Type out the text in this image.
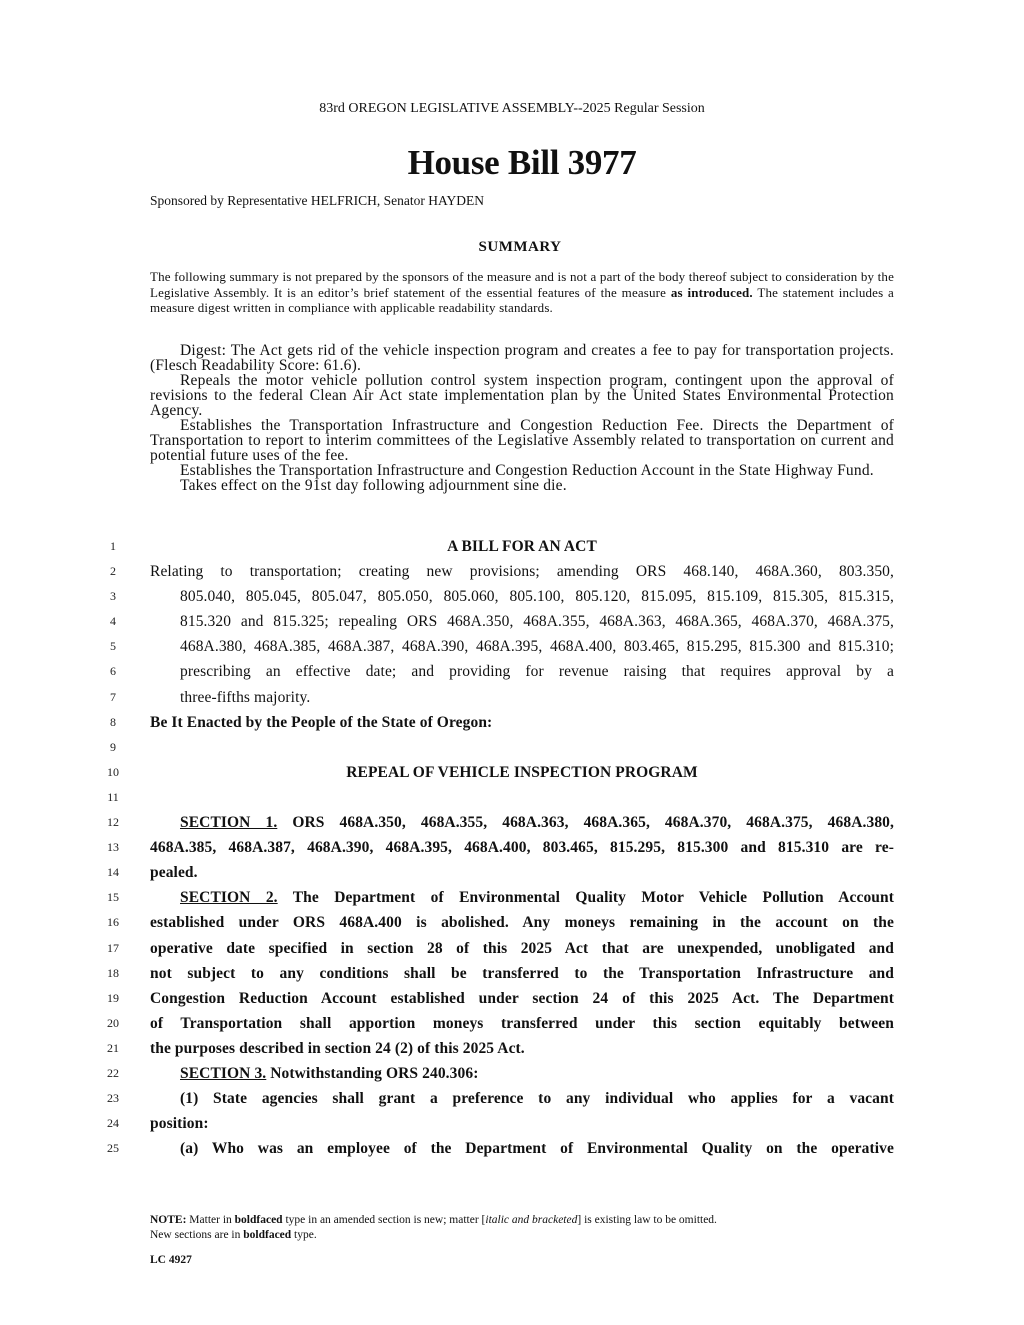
83rd OREGON LEGISLATIVE ASSEMBLY--2025 Regular Session
House Bill 3977
Sponsored by Representative HELFRICH, Senator HAYDEN
SUMMARY
The following summary is not prepared by the sponsors of the measure and is not a part of the body thereof subject to consideration by the Legislative Assembly. It is an editor’s brief statement of the essential features of the measure as introduced. The statement includes a measure digest written in compliance with applicable readability standards.

Digest: The Act gets rid of the vehicle inspection program and creates a fee to pay for transportation projects. (Flesch Readability Score: 61.6).

Repeals the motor vehicle pollution control system inspection program, contingent upon the approval of revisions to the federal Clean Air Act state implementation plan by the United States Environmental Protection Agency.

Establishes the Transportation Infrastructure and Congestion Reduction Fee. Directs the Department of Transportation to report to interim committees of the Legislative Assembly related to transportation on current and potential future uses of the fee.

Establishes the Transportation Infrastructure and Congestion Reduction Account in the State Highway Fund.

Takes effect on the 91st day following adjournment sine die.

1	A BILL FOR AN ACT
2	Relating to transportation; creating new provisions; amending ORS 468.140, 468A.360, 803.350,
3	805.040, 805.045, 805.047, 805.050, 805.060, 805.100, 805.120, 815.095, 815.109, 815.305, 815.315,
4	815.320 and 815.325; repealing ORS 468A.350, 468A.355, 468A.363, 468A.365, 468A.370, 468A.375,
5	468A.380, 468A.385, 468A.387, 468A.390, 468A.395, 468A.400, 803.465, 815.295, 815.300 and 815.310;
6	prescribing an effective date; and providing for revenue raising that requires approval by a
7	three-fifths majority.
8	Be It Enacted by the People of the State of Oregon:
9
10	REPEAL OF VEHICLE INSPECTION PROGRAM
11
12	SECTION 1. ORS 468A.350, 468A.355, 468A.363, 468A.365, 468A.370, 468A.375, 468A.380,
13	468A.385, 468A.387, 468A.390, 468A.395, 468A.400, 803.465, 815.295, 815.300 and 815.310 are re-
14	pealed.
15	SECTION 2. The Department of Environmental Quality Motor Vehicle Pollution Account
16	established under ORS 468A.400 is abolished. Any moneys remaining in the account on the
17	operative date specified in section 28 of this 2025 Act that are unexpended, unobligated and
18	not subject to any conditions shall be transferred to the Transportation Infrastructure and
19	Congestion Reduction Account established under section 24 of this 2025 Act. The Department
20	of Transportation shall apportion moneys transferred under this section equitably between
21	the purposes described in section 24 (2) of this 2025 Act.
22	SECTION 3. Notwithstanding ORS 240.306:
23	(1) State agencies shall grant a preference to any individual who applies for a vacant
24	position:
25	(a) Who was an employee of the Department of Environmental Quality on the operative
NOTE: Matter in boldfaced type in an amended section is new; matter [italic and bracketed] is existing law to be omitted.
New sections are in boldfaced type.
LC 4927
